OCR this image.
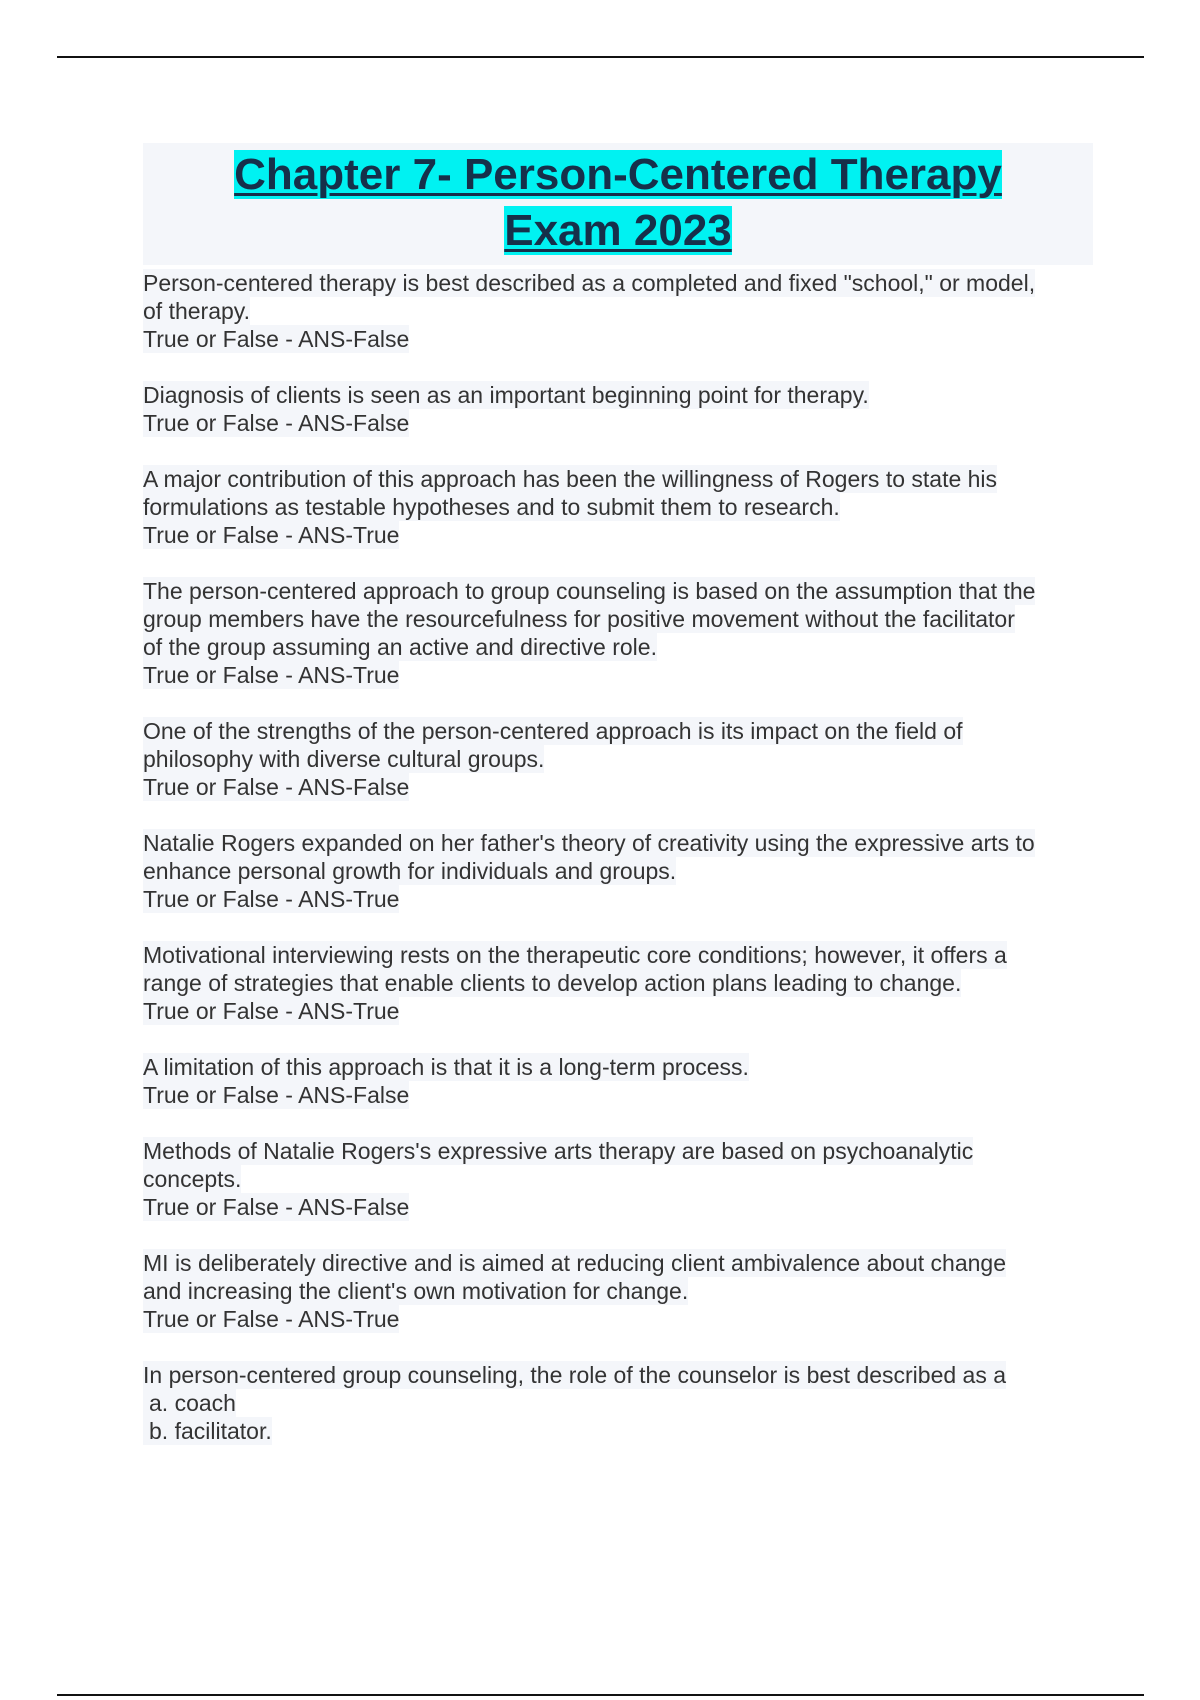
Chapter 7- Person-Centered Therapy
Exam 2023
Person-centered therapy is best described as a completed and fixed "school," or model,
of therapy.
True or False - ANS-False
Diagnosis of clients is seen as an important beginning point for therapy.
True or False - ANS-False
A major contribution of this approach has been the willingness of Rogers to state his
formulations as testable hypotheses and to submit them to research.
True or False - ANS-True
The person-centered approach to group counseling is based on the assumption that the
group members have the resourcefulness for positive movement without the facilitator
of the group assuming an active and directive role.
True or False - ANS-True
One of the strengths of the person-centered approach is its impact on the field of
philosophy with diverse cultural groups.
True or False - ANS-False
Natalie Rogers expanded on her father's theory of creativity using the expressive arts to
enhance personal growth for individuals and groups.
True or False - ANS-True
Motivational interviewing rests on the therapeutic core conditions; however, it offers a
range of strategies that enable clients to develop action plans leading to change.
True or False - ANS-True
A limitation of this approach is that it is a long-term process.
True or False - ANS-False
Methods of Natalie Rogers's expressive arts therapy are based on psychoanalytic
concepts.
True or False - ANS-False
MI is deliberately directive and is aimed at reducing client ambivalence about change
and increasing the client's own motivation for change.
True or False - ANS-True
In person-centered group counseling, the role of the counselor is best described as a
a. coach
b. facilitator.
